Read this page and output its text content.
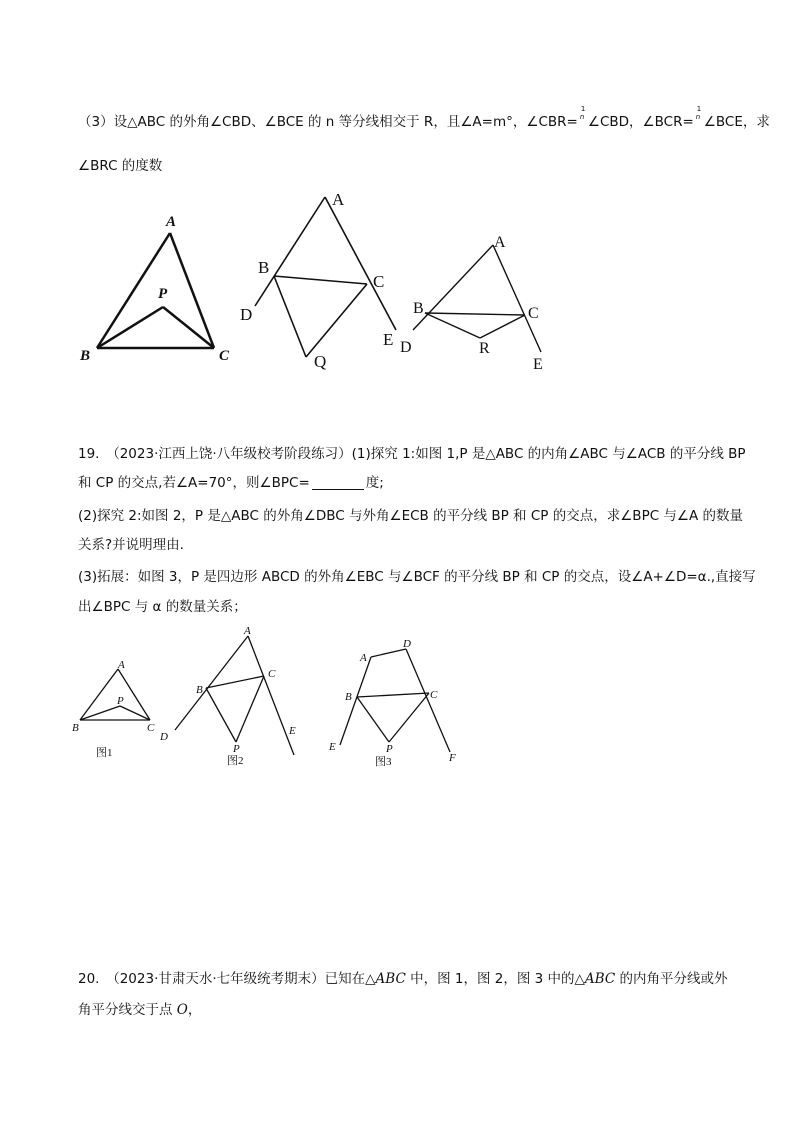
（3）设△ABC 的外角∠CBD、∠BCE 的 n 等分线相交于 R，且∠A=m°，∠CBR=
1
n ∠CBD，∠BCR=
1
n ∠BCE，求
∠BRC 的度数
A
P
B	C
A
B
C
D
E
Q
A
B	C
D
E
R
19.　（2023·江西上饶·八年级校考阶段练习）(1)探究 1:如图 1,P 是△ABC 的内角∠ABC 与∠ACB 的平分线 BP
和 CP 的交点,若∠A=70°，则∠BPC=	度;
(2)探究 2:如图 2，P 是△ABC 的外角∠DBC 与外角∠ECB 的平分线 BP 和 CP 的交点，求∠BPC 与∠A 的数量
关系?并说明理由.
(3)拓展：如图 3，P 是四边形 ABCD 的外角∠EBC 与∠BCF 的平分线 BP 和 CP 的交点，设∠A+∠D=α.,直接写
出∠BPC 与 α 的数量关系；
A
P
B	C
图1
A
B
C
D	E
P
图2
A
D
B	C
E
F
P
图3
20.　（2023·甘肃天水·七年级统考期末）已知在△ABC 中，图 1，图 2，图 3 中的△ABC 的内角平分线或外
角平分线交于点 O，
